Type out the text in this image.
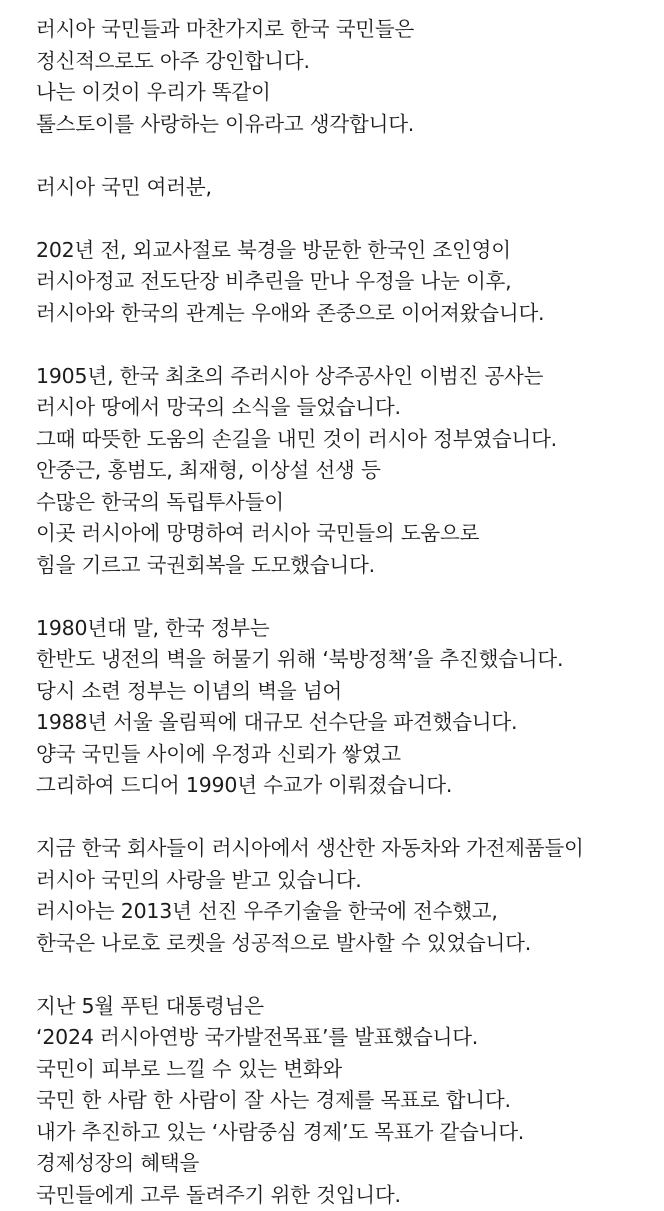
러시아 국민들과 마찬가지로 한국 국민들은
정신적으로도 아주 강인합니다.
나는 이것이 우리가 똑같이
톨스토이를 사랑하는 이유라고 생각합니다.
러시아 국민 여러분,
202년 전, 외교사절로 북경을 방문한 한국인 조인영이
러시아정교 전도단장 비추린을 만나 우정을 나눈 이후,
러시아와 한국의 관계는 우애와 존중으로 이어져왔습니다.
1905년, 한국 최초의 주러시아 상주공사인 이범진 공사는
러시아 땅에서 망국의 소식을 들었습니다.
그때 따뜻한 도움의 손길을 내민 것이 러시아 정부였습니다.
안중근, 홍범도, 최재형, 이상설 선생 등
수많은 한국의 독립투사들이
이곳 러시아에 망명하여 러시아 국민들의 도움으로
힘을 기르고 국권회복을 도모했습니다.
1980년대 말, 한국 정부는
한반도 냉전의 벽을 허물기 위해 ‘북방정책’을 추진했습니다.
당시 소련 정부는 이념의 벽을 넘어
1988년 서울 올림픽에 대규모 선수단을 파견했습니다.
양국 국민들 사이에 우정과 신뢰가 쌓였고
그리하여 드디어 1990년 수교가 이뤄졌습니다.
지금 한국 회사들이 러시아에서 생산한 자동차와 가전제품들이
러시아 국민의 사랑을 받고 있습니다.
러시아는 2013년 선진 우주기술을 한국에 전수했고,
한국은 나로호 로켓을 성공적으로 발사할 수 있었습니다.
지난 5월 푸틴 대통령님은
‘2024 러시아연방 국가발전목표’를 발표했습니다.
국민이 피부로 느낄 수 있는 변화와
국민 한 사람 한 사람이 잘 사는 경제를 목표로 합니다.
내가 추진하고 있는 ‘사람중심 경제’도 목표가 같습니다.
경제성장의 혜택을
국민들에게 고루 돌려주기 위한 것입니다.
